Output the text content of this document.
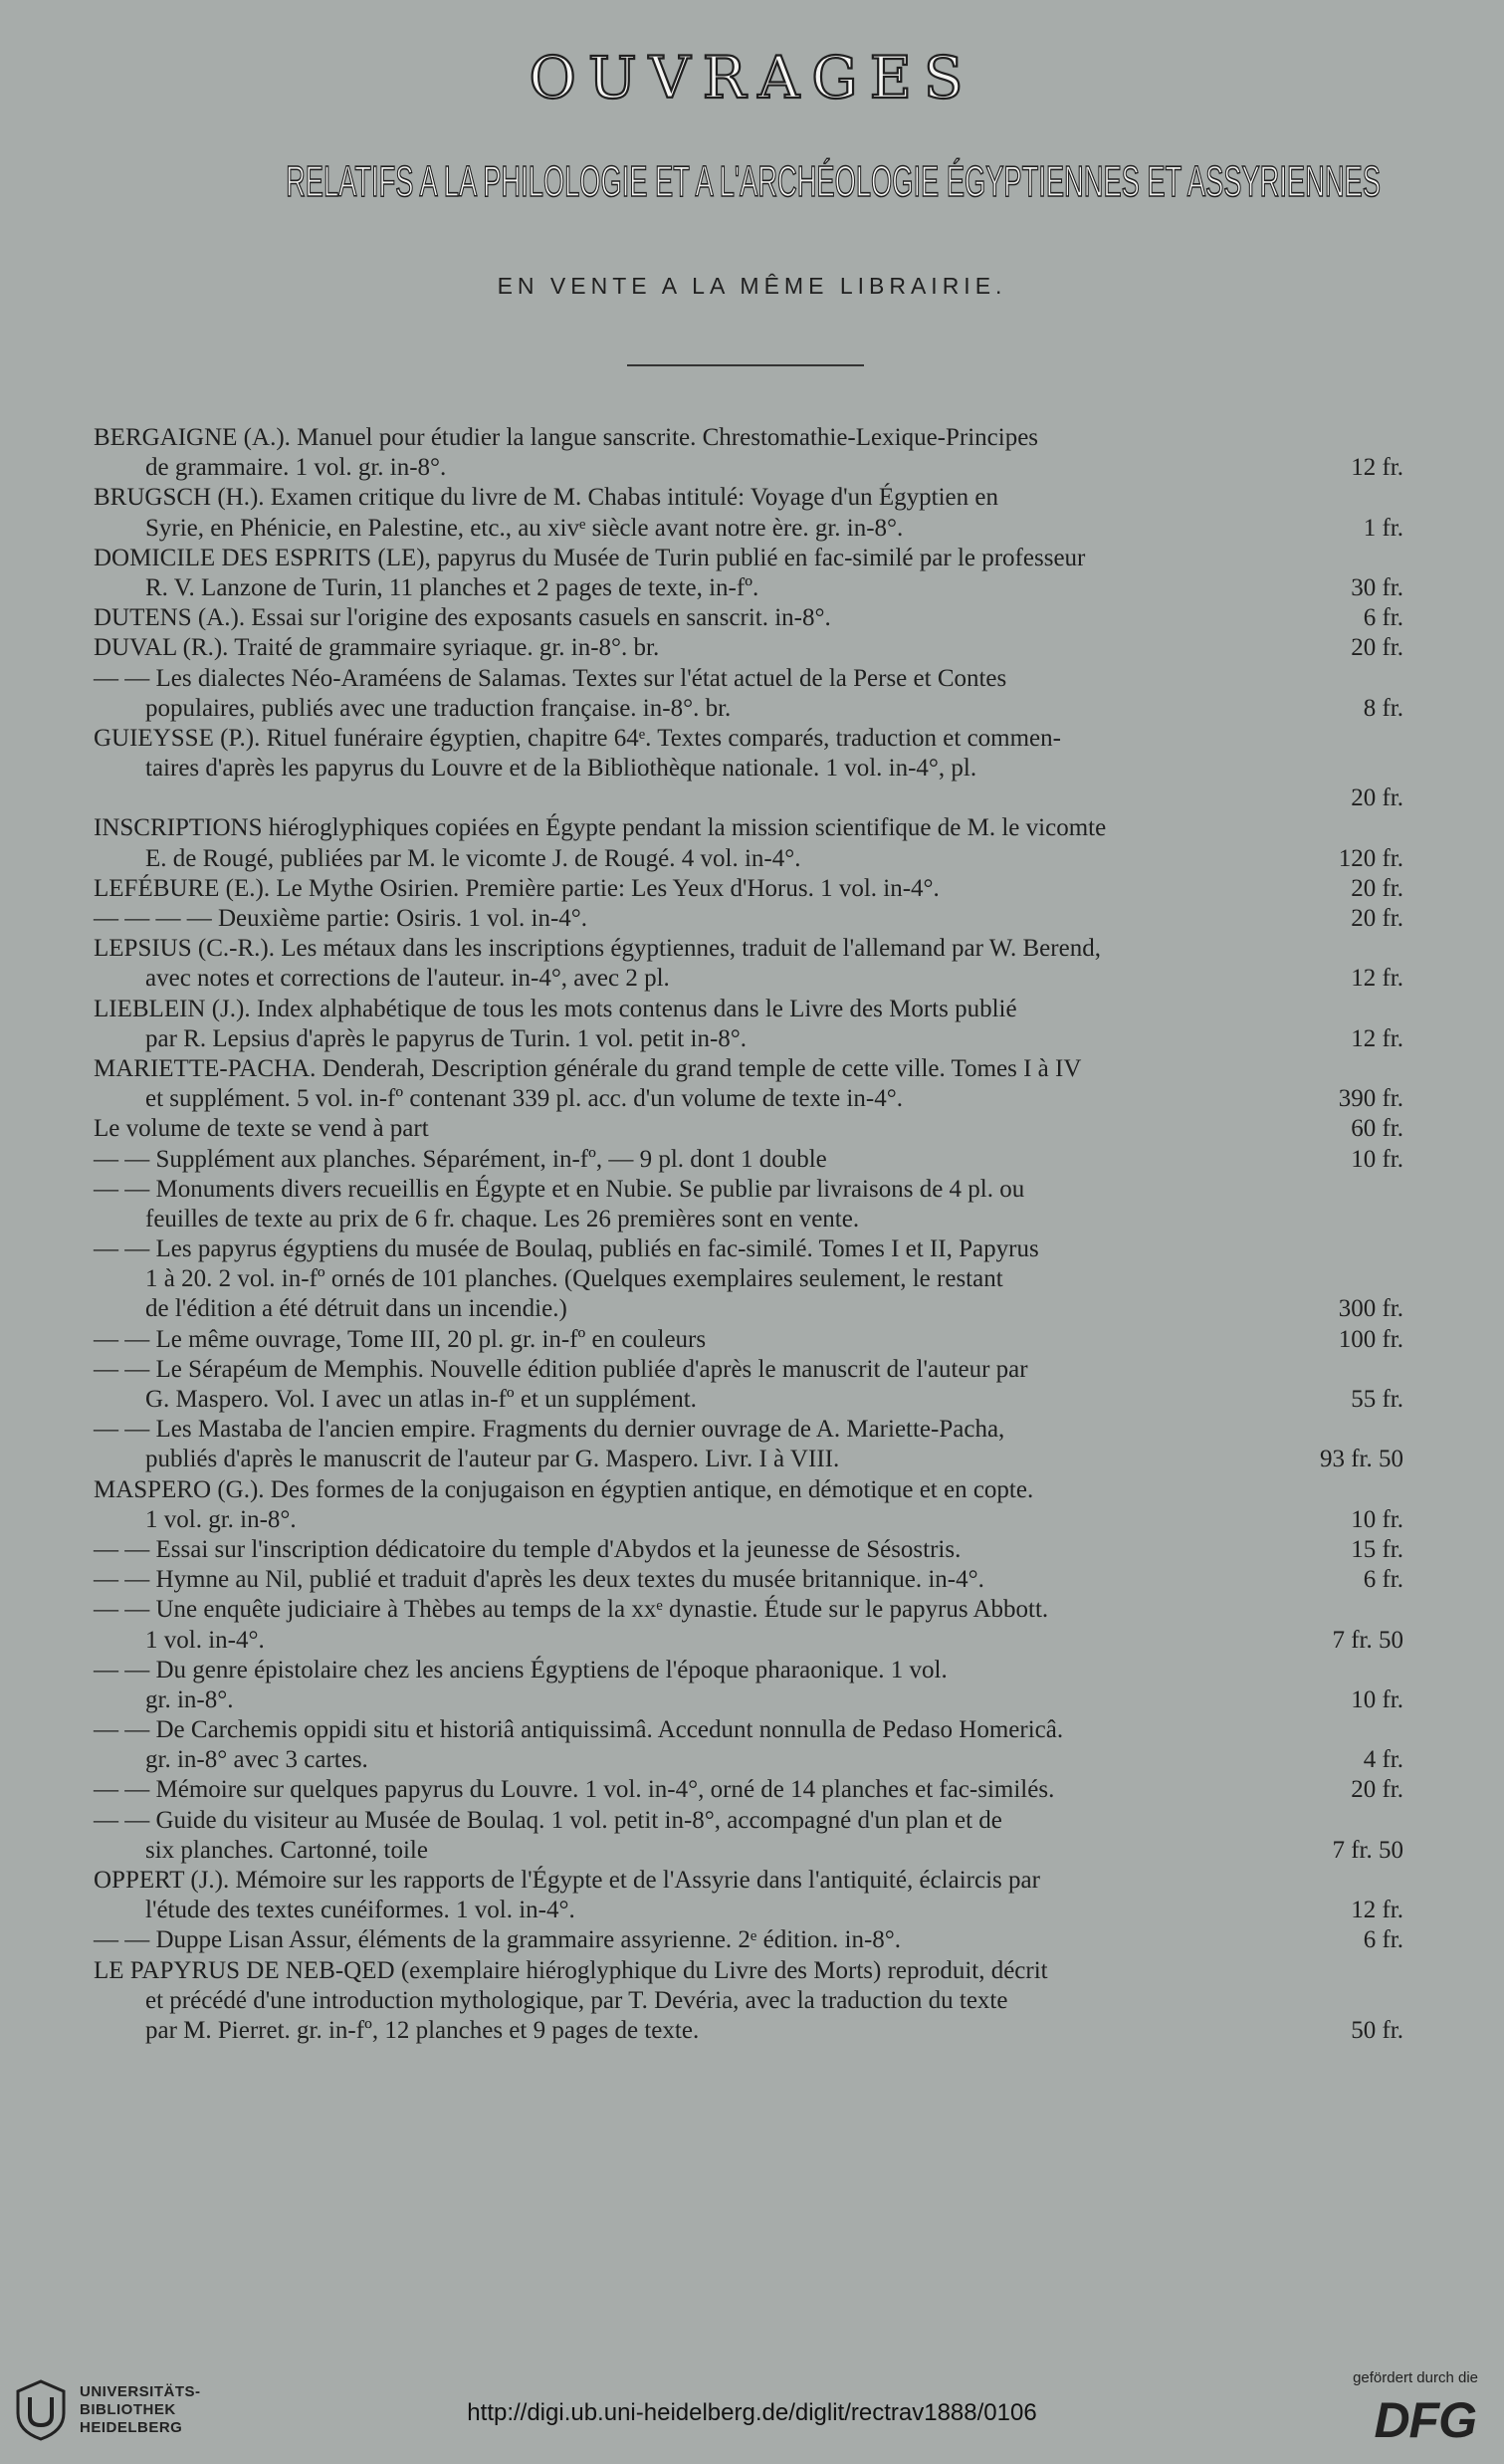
OUVRAGES
RELATIFS A LA PHILOLOGIE ET A L'ARCHÉOLOGIE ÉGYPTIENNES ET ASSYRIENNES
EN VENTE A LA MÊME LIBRAIRIE.
BERGAIGNE (A.). Manuel pour étudier la langue sanscrite. Chrestomathie-Lexique-Principes
de grammaire. 1 vol. gr. in-8°.	12 fr.
BRUGSCH (H.). Examen critique du livre de M. Chabas intitulé: Voyage d'un Égyptien en
Syrie, en Phénicie, en Palestine, etc., au xivᵉ siècle avant notre ère. gr. in-8°.	1 fr.
DOMICILE DES ESPRITS (LE), papyrus du Musée de Turin publié en fac-similé par le professeur
R. V. Lanzone de Turin, 11 planches et 2 pages de texte, in-fº.	30 fr.
DUTENS (A.). Essai sur l'origine des exposants casuels en sanscrit. in-8°.	6 fr.
DUVAL (R.). Traité de grammaire syriaque. gr. in-8°. br.	20 fr.
— — Les dialectes Néo-Araméens de Salamas. Textes sur l'état actuel de la Perse et Contes
populaires, publiés avec une traduction française. in-8°. br.	8 fr.
GUIEYSSE (P.). Rituel funéraire égyptien, chapitre 64ᵉ. Textes comparés, traduction et commen-
taires d'après les papyrus du Louvre et de la Bibliothèque nationale. 1 vol. in-4°, pl.
20 fr.
INSCRIPTIONS hiéroglyphiques copiées en Égypte pendant la mission scientifique de M. le vicomte
E. de Rougé, publiées par M. le vicomte J. de Rougé. 4 vol. in-4°.	120 fr.
LEFÉBURE (E.). Le Mythe Osirien. Première partie: Les Yeux d'Horus. 1 vol. in-4°.	20 fr.
— — — — Deuxième partie: Osiris. 1 vol. in-4°.	20 fr.
LEPSIUS (C.-R.). Les métaux dans les inscriptions égyptiennes, traduit de l'allemand par W. Berend,
avec notes et corrections de l'auteur. in-4°, avec 2 pl.	12 fr.
LIEBLEIN (J.). Index alphabétique de tous les mots contenus dans le Livre des Morts publié
par R. Lepsius d'après le papyrus de Turin. 1 vol. petit in-8°.	12 fr.
MARIETTE-PACHA. Denderah, Description générale du grand temple de cette ville. Tomes I à IV
et supplément. 5 vol. in-fº contenant 339 pl. acc. d'un volume de texte in-4°.	390 fr.
Le volume de texte se vend à part	60 fr.
— — Supplément aux planches. Séparément, in-fº, — 9 pl. dont 1 double	10 fr.
— — Monuments divers recueillis en Égypte et en Nubie. Se publie par livraisons de 4 pl. ou
feuilles de texte au prix de 6 fr. chaque. Les 26 premières sont en vente.
— — Les papyrus égyptiens du musée de Boulaq, publiés en fac-similé. Tomes I et II, Papyrus
1 à 20. 2 vol. in-fº ornés de 101 planches. (Quelques exemplaires seulement, le restant
de l'édition a été détruit dans un incendie.)	300 fr.
— — Le même ouvrage, Tome III, 20 pl. gr. in-fº en couleurs	100 fr.
— — Le Sérapéum de Memphis. Nouvelle édition publiée d'après le manuscrit de l'auteur par
G. Maspero. Vol. I avec un atlas in-fº et un supplément.	55 fr.
— — Les Mastaba de l'ancien empire. Fragments du dernier ouvrage de A. Mariette-Pacha,
publiés d'après le manuscrit de l'auteur par G. Maspero. Livr. I à VIII.	93 fr. 50
MASPERO (G.). Des formes de la conjugaison en égyptien antique, en démotique et en copte.
1 vol. gr. in-8°.	10 fr.
— — Essai sur l'inscription dédicatoire du temple d'Abydos et la jeunesse de Sésostris.	15 fr.
— — Hymne au Nil, publié et traduit d'après les deux textes du musée britannique. in-4°.	6 fr.
— — Une enquête judiciaire à Thèbes au temps de la xxᵉ dynastie. Étude sur le papyrus Abbott.
1 vol. in-4°.	7 fr. 50
— — Du genre épistolaire chez les anciens Égyptiens de l'époque pharaonique. 1 vol.
gr. in-8°.	10 fr.
— — De Carchemis oppidi situ et historiâ antiquissimâ. Accedunt nonnulla de Pedaso Homericâ.
gr. in-8° avec 3 cartes.	4 fr.
— — Mémoire sur quelques papyrus du Louvre. 1 vol. in-4°, orné de 14 planches et fac-similés.	20 fr.
— — Guide du visiteur au Musée de Boulaq. 1 vol. petit in-8°, accompagné d'un plan et de
six planches. Cartonné, toile	7 fr. 50
OPPERT (J.). Mémoire sur les rapports de l'Égypte et de l'Assyrie dans l'antiquité, éclaircis par
l'étude des textes cunéiformes. 1 vol. in-4°.	12 fr.
— — Duppe Lisan Assur, éléments de la grammaire assyrienne. 2ᵉ édition. in-8°.	6 fr.
LE PAPYRUS DE NEB-QED (exemplaire hiéroglyphique du Livre des Morts) reproduit, décrit
et précédé d'une introduction mythologique, par T. Devéria, avec la traduction du texte
par M. Pierret. gr. in-fº, 12 planches et 9 pages de texte.	50 fr.
UNIVERSITÄTS-
BIBLIOTHEK
HEIDELBERG
http://digi.ub.uni-heidelberg.de/diglit/rectrav1888/0106
gefördert durch die
DFG
